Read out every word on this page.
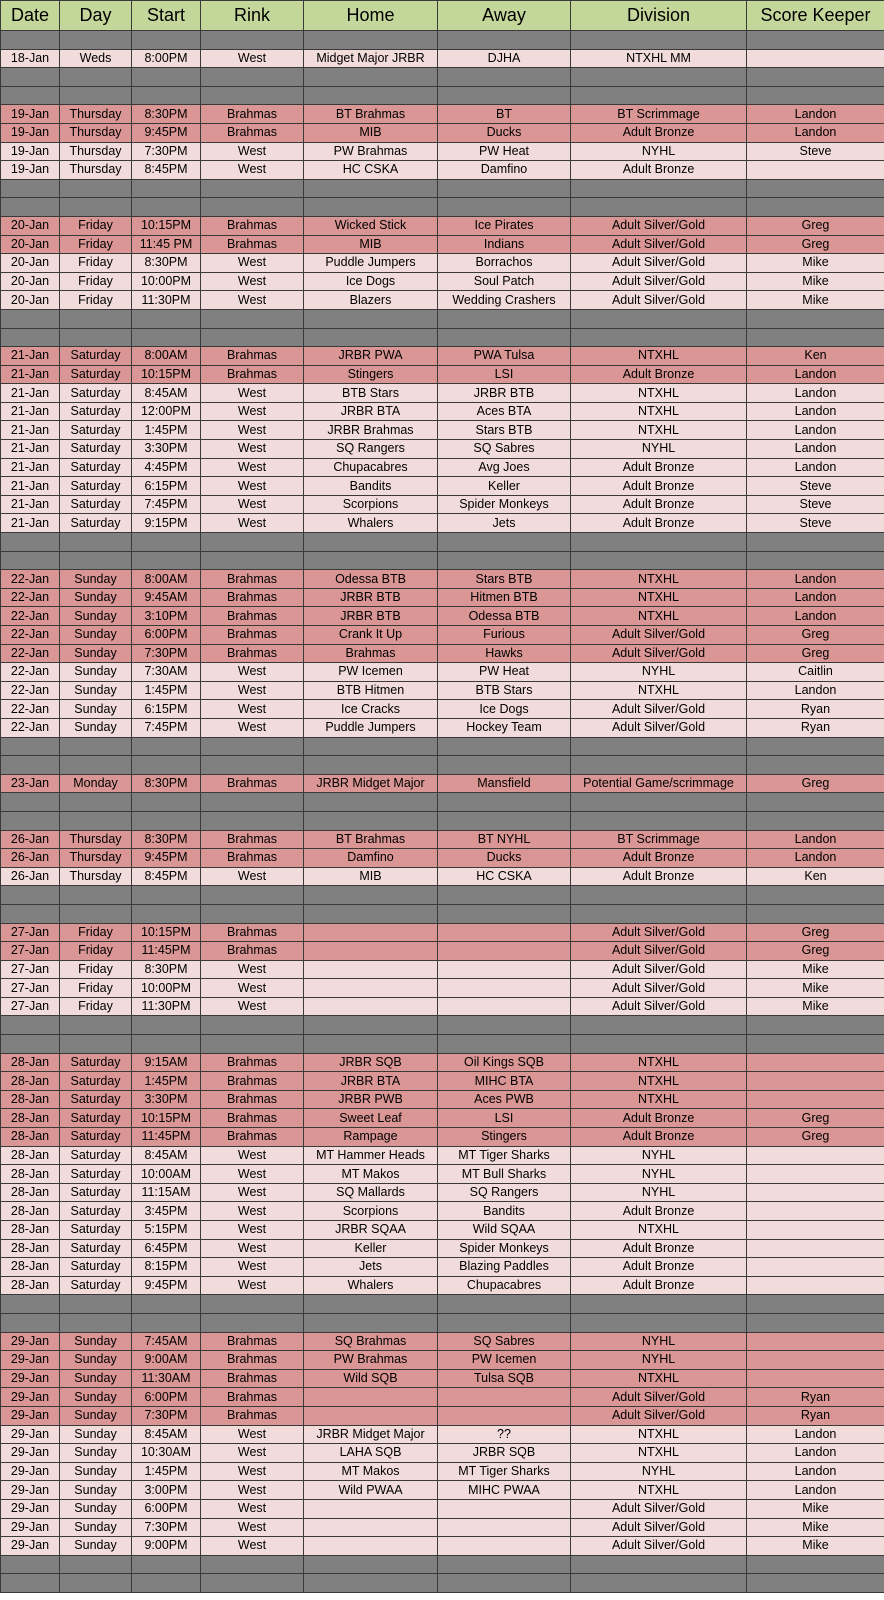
Date	Day	Start	Rink	Home	Away	Division	Score Keeper

18-Jan	Weds	8:00PM	West	Midget Major JRBR	DJHA	NTXHL MM	

19-Jan	Thursday	8:30PM	Brahmas	BT Brahmas	BT	BT Scrimmage	Landon
19-Jan	Thursday	9:45PM	Brahmas	MIB	Ducks	Adult Bronze	Landon
19-Jan	Thursday	7:30PM	West	PW Brahmas	PW Heat	NYHL	Steve
19-Jan	Thursday	8:45PM	West	HC CSKA	Damfino	Adult Bronze	

20-Jan	Friday	10:15PM	Brahmas	Wicked Stick	Ice Pirates	Adult Silver/Gold	Greg
20-Jan	Friday	11:45 PM	Brahmas	MIB	Indians	Adult Silver/Gold	Greg
20-Jan	Friday	8:30PM	West	Puddle Jumpers	Borrachos	Adult Silver/Gold	Mike
20-Jan	Friday	10:00PM	West	Ice Dogs	Soul Patch	Adult Silver/Gold	Mike
20-Jan	Friday	11:30PM	West	Blazers	Wedding Crashers	Adult Silver/Gold	Mike

21-Jan	Saturday	8:00AM	Brahmas	JRBR PWA	PWA Tulsa	NTXHL	Ken
21-Jan	Saturday	10:15PM	Brahmas	Stingers	LSI	Adult Bronze	Landon
21-Jan	Saturday	8:45AM	West	BTB Stars	JRBR BTB	NTXHL	Landon
21-Jan	Saturday	12:00PM	West	JRBR BTA	Aces BTA	NTXHL	Landon
21-Jan	Saturday	1:45PM	West	JRBR Brahmas	Stars BTB	NTXHL	Landon
21-Jan	Saturday	3:30PM	West	SQ Rangers	SQ Sabres	NYHL	Landon
21-Jan	Saturday	4:45PM	West	Chupacabres	Avg Joes	Adult Bronze	Landon
21-Jan	Saturday	6:15PM	West	Bandits	Keller	Adult Bronze	Steve
21-Jan	Saturday	7:45PM	West	Scorpions	Spider Monkeys	Adult Bronze	Steve
21-Jan	Saturday	9:15PM	West	Whalers	Jets	Adult Bronze	Steve

22-Jan	Sunday	8:00AM	Brahmas	Odessa BTB	Stars BTB	NTXHL	Landon
22-Jan	Sunday	9:45AM	Brahmas	JRBR BTB	Hitmen BTB	NTXHL	Landon
22-Jan	Sunday	3:10PM	Brahmas	JRBR BTB	Odessa BTB	NTXHL	Landon
22-Jan	Sunday	6:00PM	Brahmas	Crank It Up	Furious	Adult Silver/Gold	Greg
22-Jan	Sunday	7:30PM	Brahmas	Brahmas	Hawks	Adult Silver/Gold	Greg
22-Jan	Sunday	7:30AM	West	PW Icemen	PW Heat	NYHL	Caitlin
22-Jan	Sunday	1:45PM	West	BTB Hitmen	BTB Stars	NTXHL	Landon
22-Jan	Sunday	6:15PM	West	Ice Cracks	Ice Dogs	Adult Silver/Gold	Ryan
22-Jan	Sunday	7:45PM	West	Puddle Jumpers	Hockey Team	Adult Silver/Gold	Ryan

23-Jan	Monday	8:30PM	Brahmas	JRBR Midget Major	Mansfield	Potential Game/scrimmage	Greg

26-Jan	Thursday	8:30PM	Brahmas	BT Brahmas	BT NYHL	BT Scrimmage	Landon
26-Jan	Thursday	9:45PM	Brahmas	Damfino	Ducks	Adult Bronze	Landon
26-Jan	Thursday	8:45PM	West	MIB	HC CSKA	Adult Bronze	Ken

27-Jan	Friday	10:15PM	Brahmas			Adult Silver/Gold	Greg
27-Jan	Friday	11:45PM	Brahmas			Adult Silver/Gold	Greg
27-Jan	Friday	8:30PM	West			Adult Silver/Gold	Mike
27-Jan	Friday	10:00PM	West			Adult Silver/Gold	Mike
27-Jan	Friday	11:30PM	West			Adult Silver/Gold	Mike

28-Jan	Saturday	9:15AM	Brahmas	JRBR SQB	Oil Kings SQB	NTXHL	
28-Jan	Saturday	1:45PM	Brahmas	JRBR BTA	MIHC BTA	NTXHL	
28-Jan	Saturday	3:30PM	Brahmas	JRBR PWB	Aces PWB	NTXHL	
28-Jan	Saturday	10:15PM	Brahmas	Sweet Leaf	LSI	Adult Bronze	Greg
28-Jan	Saturday	11:45PM	Brahmas	Rampage	Stingers	Adult Bronze	Greg
28-Jan	Saturday	8:45AM	West	MT Hammer Heads	MT Tiger Sharks	NYHL	
28-Jan	Saturday	10:00AM	West	MT Makos	MT Bull Sharks	NYHL	
28-Jan	Saturday	11:15AM	West	SQ Mallards	SQ Rangers	NYHL	
28-Jan	Saturday	3:45PM	West	Scorpions	Bandits	Adult Bronze	
28-Jan	Saturday	5:15PM	West	JRBR SQAA	Wild SQAA	NTXHL	
28-Jan	Saturday	6:45PM	West	Keller	Spider Monkeys	Adult Bronze	
28-Jan	Saturday	8:15PM	West	Jets	Blazing Paddles	Adult Bronze	
28-Jan	Saturday	9:45PM	West	Whalers	Chupacabres	Adult Bronze	

29-Jan	Sunday	7:45AM	Brahmas	SQ Brahmas	SQ Sabres	NYHL	
29-Jan	Sunday	9:00AM	Brahmas	PW Brahmas	PW Icemen	NYHL	
29-Jan	Sunday	11:30AM	Brahmas	Wild SQB	Tulsa SQB	NTXHL	
29-Jan	Sunday	6:00PM	Brahmas			Adult Silver/Gold	Ryan
29-Jan	Sunday	7:30PM	Brahmas			Adult Silver/Gold	Ryan
29-Jan	Sunday	8:45AM	West	JRBR Midget Major	??	NTXHL	Landon
29-Jan	Sunday	10:30AM	West	LAHA SQB	JRBR SQB	NTXHL	Landon
29-Jan	Sunday	1:45PM	West	MT Makos	MT Tiger Sharks	NYHL	Landon
29-Jan	Sunday	3:00PM	West	Wild PWAA	MIHC PWAA	NTXHL	Landon
29-Jan	Sunday	6:00PM	West			Adult Silver/Gold	Mike
29-Jan	Sunday	7:30PM	West			Adult Silver/Gold	Mike
29-Jan	Sunday	9:00PM	West			Adult Silver/Gold	Mike
